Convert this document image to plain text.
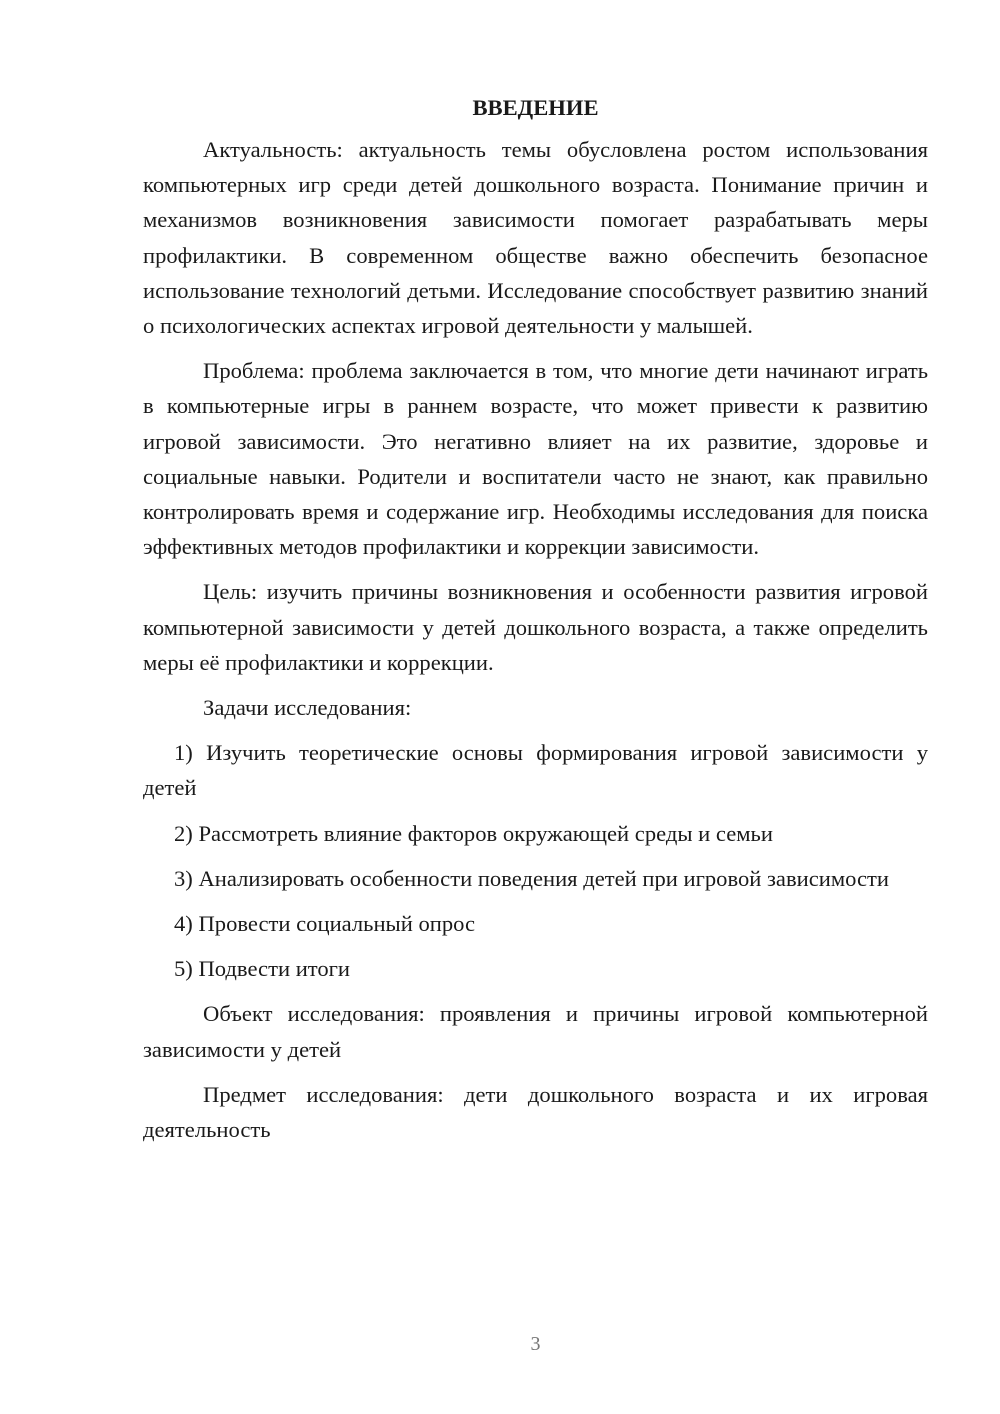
ВВЕДЕНИЕ

Актуальность: актуальность темы обусловлена ростом использования компьютерных игр среди детей дошкольного возраста. Понимание причин и механизмов возникновения зависимости помогает разрабатывать меры профилактики. В современном обществе важно обеспечить безопасное использование технологий детьми. Исследование способствует развитию знаний о психологических аспектах игровой деятельности у малышей.

Проблема: проблема заключается в том, что многие дети начинают играть в компьютерные игры в раннем возрасте, что может привести к развитию игровой зависимости. Это негативно влияет на их развитие, здоровье и социальные навыки. Родители и воспитатели часто не знают, как правильно контролировать время и содержание игр. Необходимы исследования для поиска эффективных методов профилактики и коррекции зависимости.

Цель: изучить причины возникновения и особенности развития игровой компьютерной зависимости у детей дошкольного возраста, а также определить меры её профилактики и коррекции.

Задачи исследования:

1) Изучить теоретические основы формирования игровой зависимости у детей

2) Рассмотреть влияние факторов окружающей среды и семьи

3) Анализировать особенности поведения детей при игровой зависимости

4) Провести социальный опрос

5) Подвести итоги

Объект исследования: проявления и причины игровой компьютерной зависимости у детей

Предмет исследования: дети дошкольного возраста и их игровая деятельность

3
